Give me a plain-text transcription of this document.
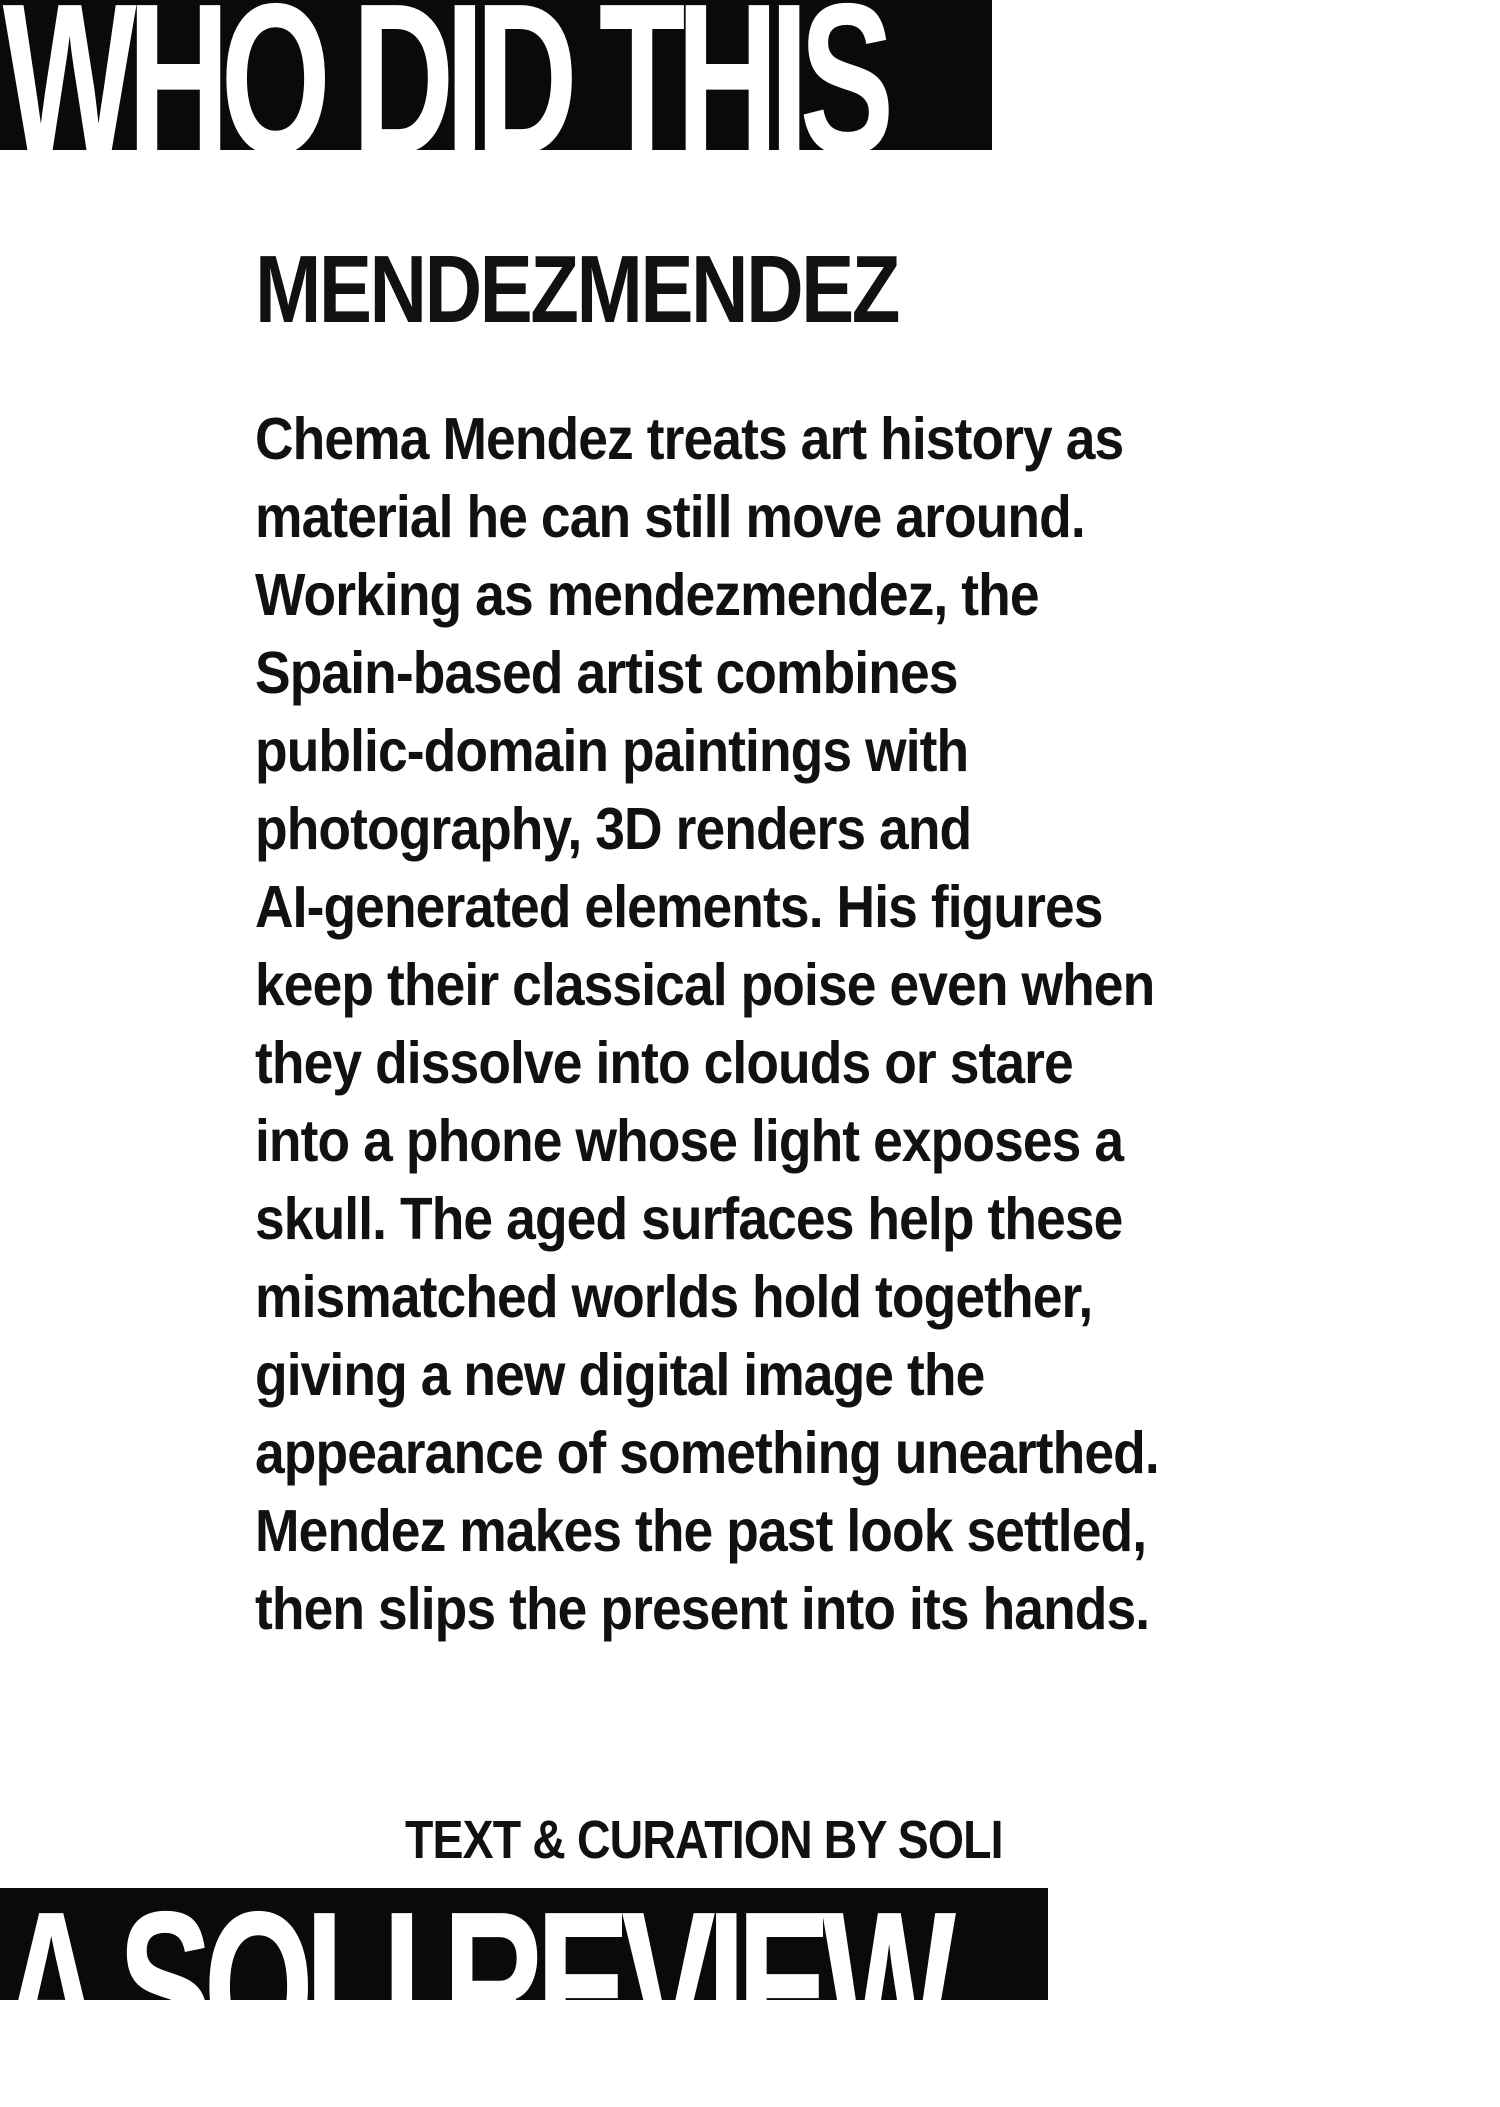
WHO DID THIS
MENDEZMENDEZ

Chema Mendez treats art history as
material he can still move around.
Working as mendezmendez, the
Spain-based artist combines
public-domain paintings with
photography, 3D renders and
AI-generated elements. His figures
keep their classical poise even when
they dissolve into clouds or stare
into a phone whose light exposes a
skull. The aged surfaces help these
mismatched worlds hold together,
giving a new digital image the
appearance of something unearthed.
Mendez makes the past look settled,
then slips the present into its hands.

TEXT & CURATION BY SOLI

A SOLI REVIEW
